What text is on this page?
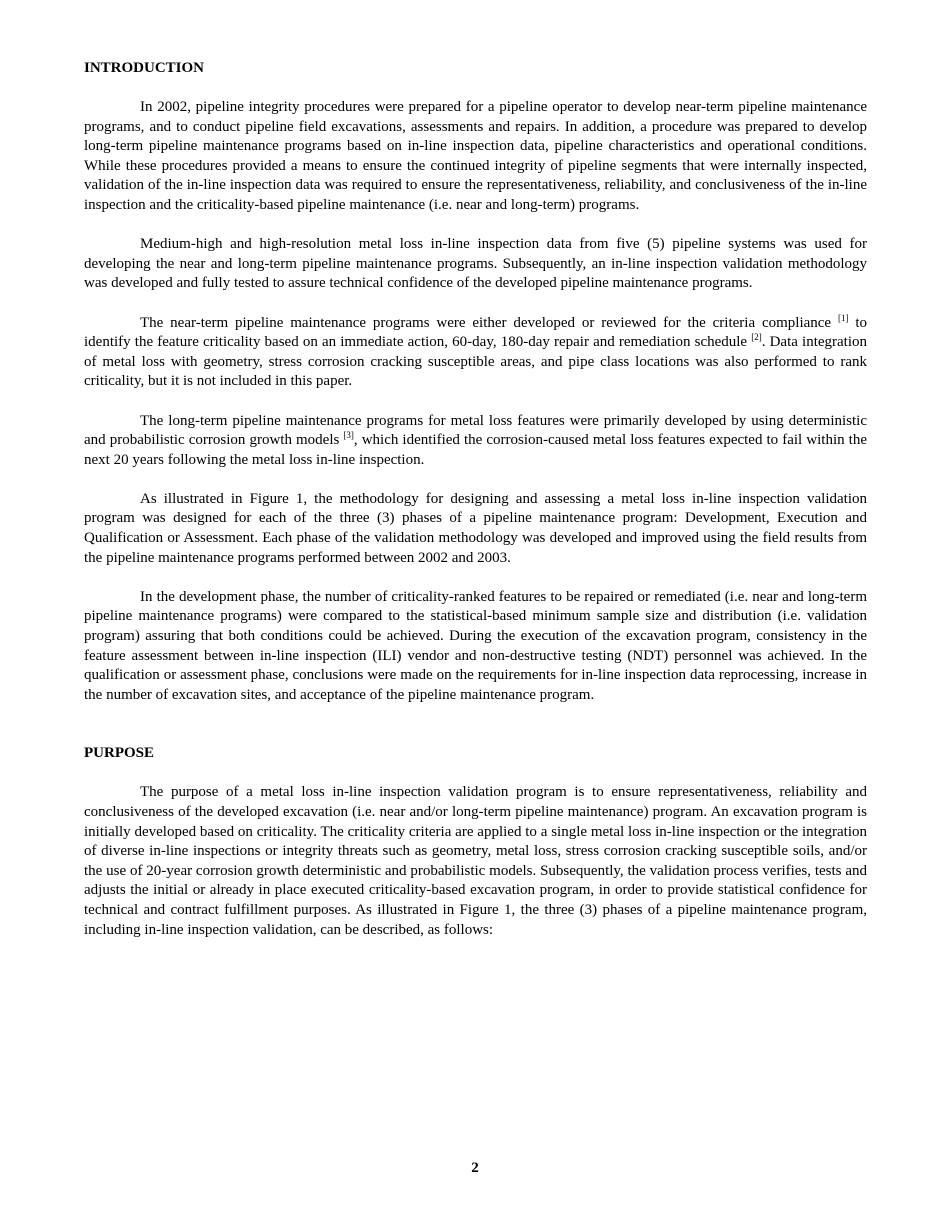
INTRODUCTION

In 2002, pipeline integrity procedures were prepared for a pipeline operator to develop near-term pipeline maintenance programs, and to conduct pipeline field excavations, assessments and repairs. In addition, a procedure was prepared to develop long-term pipeline maintenance programs based on in-line inspection data, pipeline characteristics and operational conditions. While these procedures provided a means to ensure the continued integrity of pipeline segments that were internally inspected, validation of the in-line inspection data was required to ensure the representativeness, reliability, and conclusiveness of the in-line inspection and the criticality-based pipeline maintenance (i.e. near and long-term) programs.

Medium-high and high-resolution metal loss in-line inspection data from five (5) pipeline systems was used for developing the near and long-term pipeline maintenance programs. Subsequently, an in-line inspection validation methodology was developed and fully tested to assure technical confidence of the developed pipeline maintenance programs.

The near-term pipeline maintenance programs were either developed or reviewed for the criteria compliance [1] to identify the feature criticality based on an immediate action, 60-day, 180-day repair and remediation schedule [2]. Data integration of metal loss with geometry, stress corrosion cracking susceptible areas, and pipe class locations was also performed to rank criticality, but it is not included in this paper.

The long-term pipeline maintenance programs for metal loss features were primarily developed by using deterministic and probabilistic corrosion growth models [3], which identified the corrosion-caused metal loss features expected to fail within the next 20 years following the metal loss in-line inspection.

As illustrated in Figure 1, the methodology for designing and assessing a metal loss in-line inspection validation program was designed for each of the three (3) phases of a pipeline maintenance program: Development, Execution and Qualification or Assessment. Each phase of the validation methodology was developed and improved using the field results from the pipeline maintenance programs performed between 2002 and 2003.

In the development phase, the number of criticality-ranked features to be repaired or remediated (i.e. near and long-term pipeline maintenance programs) were compared to the statistical-based minimum sample size and distribution (i.e. validation program) assuring that both conditions could be achieved. During the execution of the excavation program, consistency in the feature assessment between in-line inspection (ILI) vendor and non-destructive testing (NDT) personnel was achieved. In the qualification or assessment phase, conclusions were made on the requirements for in-line inspection data reprocessing, increase in the number of excavation sites, and acceptance of the pipeline maintenance program.

PURPOSE

The purpose of a metal loss in-line inspection validation program is to ensure representativeness, reliability and conclusiveness of the developed excavation (i.e. near and/or long-term pipeline maintenance) program. An excavation program is initially developed based on criticality. The criticality criteria are applied to a single metal loss in-line inspection or the integration of diverse in-line inspections or integrity threats such as geometry, metal loss, stress corrosion cracking susceptible soils, and/or the use of 20-year corrosion growth deterministic and probabilistic models. Subsequently, the validation process verifies, tests and adjusts the initial or already in place executed criticality-based excavation program, in order to provide statistical confidence for technical and contract fulfillment purposes. As illustrated in Figure 1, the three (3) phases of a pipeline maintenance program, including in-line inspection validation, can be described, as follows:

2
